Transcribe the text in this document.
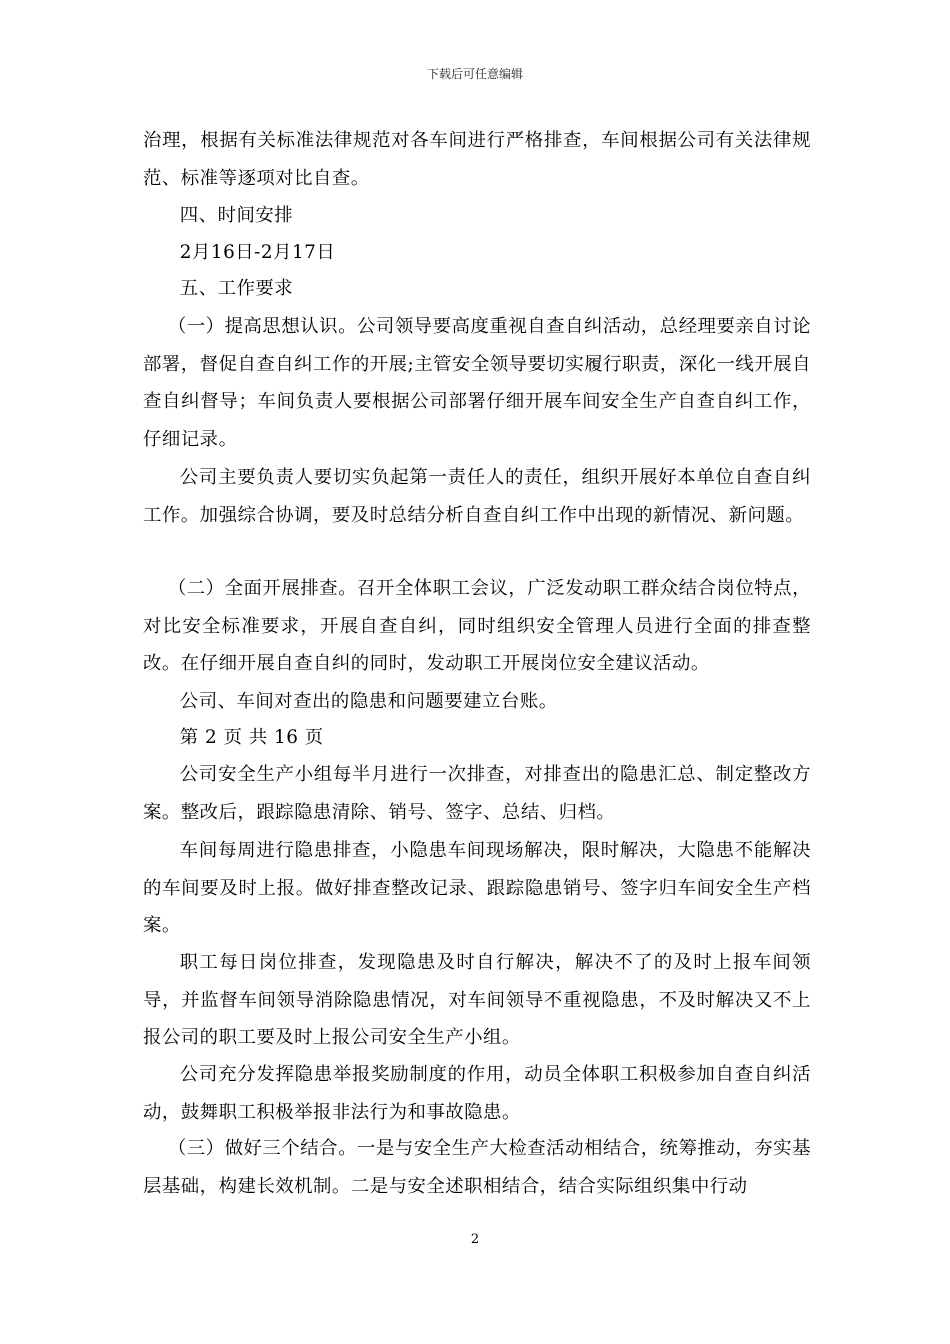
下载后可任意编辑

治理，根据有关标准法律规范对各车间进行严格排查，车间根据公司有关法律规范、标准等逐项对比自查。

四、时间安排

2月16日-2月17日

五、工作要求

（一）提高思想认识。公司领导要高度重视自查自纠活动，总经理要亲自讨论部署，督促自查自纠工作的开展;主管安全领导要切实履行职责，深化一线开展自查自纠督导；车间负责人要根据公司部署仔细开展车间安全生产自查自纠工作，仔细记录。

公司主要负责人要切实负起第一责任人的责任，组织开展好本单位自查自纠工作。加强综合协调，要及时总结分析自查自纠工作中出现的新情况、新问题。

（二）全面开展排查。召开全体职工会议，广泛发动职工群众结合岗位特点，对比安全标准要求，开展自查自纠，同时组织安全管理人员进行全面的排查整改。在仔细开展自查自纠的同时，发动职工开展岗位安全建议活动。

公司、车间对查出的隐患和问题要建立台账。

第 2 页 共 16 页

公司安全生产小组每半月进行一次排查，对排查出的隐患汇总、制定整改方案。整改后，跟踪隐患清除、销号、签字、总结、归档。

车间每周进行隐患排查，小隐患车间现场解决，限时解决，大隐患不能解决的车间要及时上报。做好排查整改记录、跟踪隐患销号、签字归车间安全生产档案。

职工每日岗位排查，发现隐患及时自行解决，解决不了的及时上报车间领导，并监督车间领导消除隐患情况，对车间领导不重视隐患，不及时解决又不上报公司的职工要及时上报公司安全生产小组。

公司充分发挥隐患举报奖励制度的作用，动员全体职工积极参加自查自纠活动，鼓舞职工积极举报非法行为和事故隐患。

（三）做好三个结合。一是与安全生产大检查活动相结合，统筹推动，夯实基层基础，构建长效机制。二是与安全述职相结合，结合实际组织集中行动

2
